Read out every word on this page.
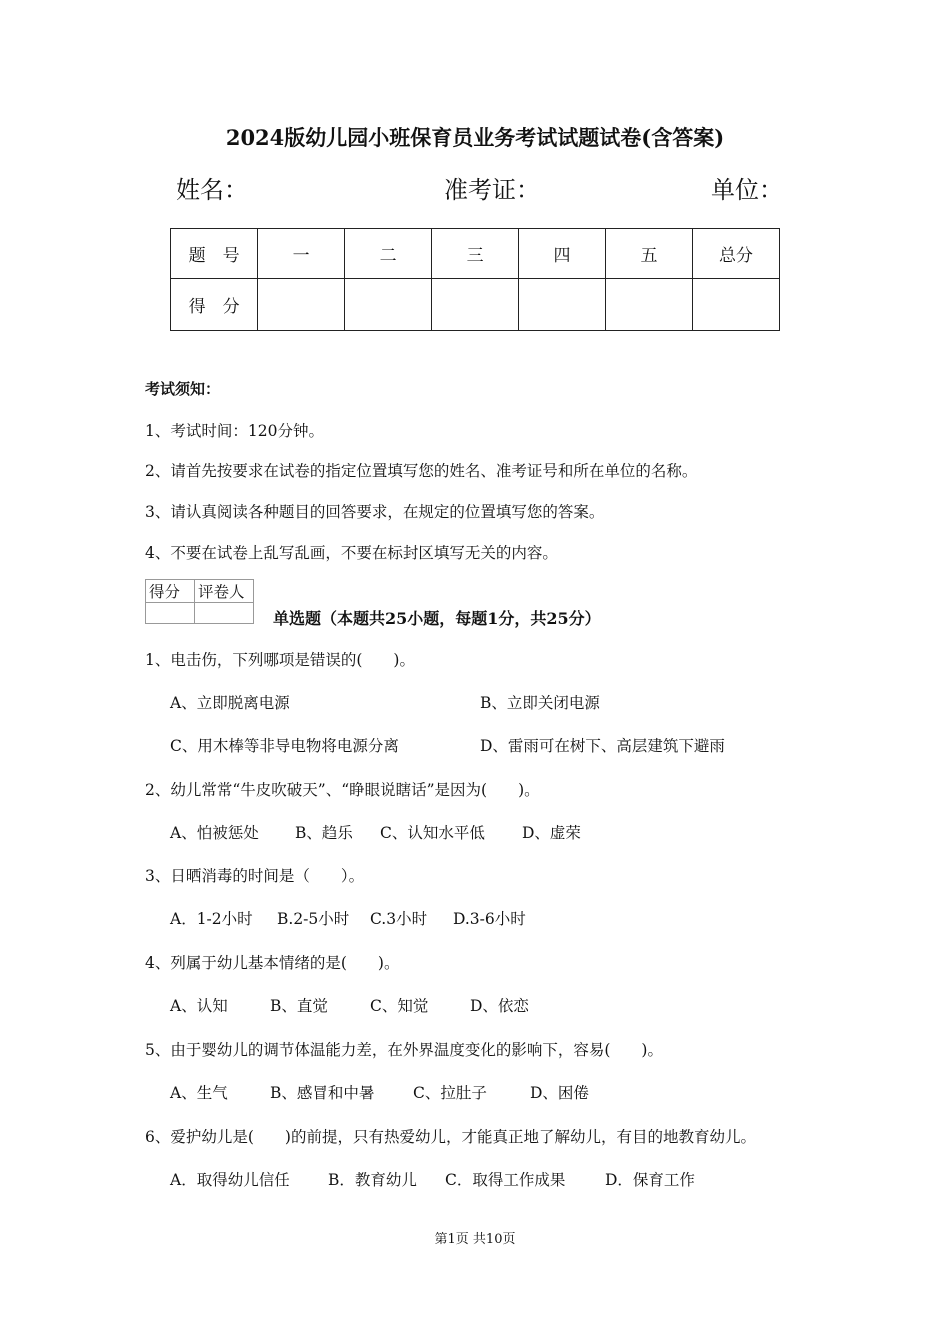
2024版幼儿园小班保育员业务考试试题试卷(含答案)
姓名：	准考证：	单位：
题　号	一	二	三	四	五	总分
得　分						
考试须知：
1、考试时间：120分钟。
2、请首先按要求在试卷的指定位置填写您的姓名、准考证号和所在单位的名称。
3、请认真阅读各种题目的回答要求，在规定的位置填写您的答案。
4、不要在试卷上乱写乱画，不要在标封区填写无关的内容。
得分	评卷人

单选题（本题共25小题，每题1分，共25分）
1、电击伤，下列哪项是错误的(　　)。
A、立即脱离电源	B、立即关闭电源
C、用木棒等非导电物将电源分离	D、雷雨可在树下、高层建筑下避雨
2、幼儿常常“牛皮吹破天”、“睁眼说瞎话”是因为(　　)。
A、怕被惩处 B、趋乐 C、认知水平低 D、虚荣
3、日晒消毒的时间是（　　）。
A．1-2小时 B.2-5小时 C.3小时 D.3-6小时
4、列属于幼儿基本情绪的是(　　)。
A、认知	B、直觉	C、知觉	D、依恋
5、由于婴幼儿的调节体温能力差，在外界温度变化的影响下，容易(　　)。
A、生气	B、感冒和中暑 C、拉肚子	D、困倦
6、爱护幼儿是(　　)的前提，只有热爱幼儿，才能真正地了解幼儿，有目的地教育幼儿。
A．取得幼儿信任 B．教育幼儿 C．取得工作成果	D．保育工作
第1页 共10页
